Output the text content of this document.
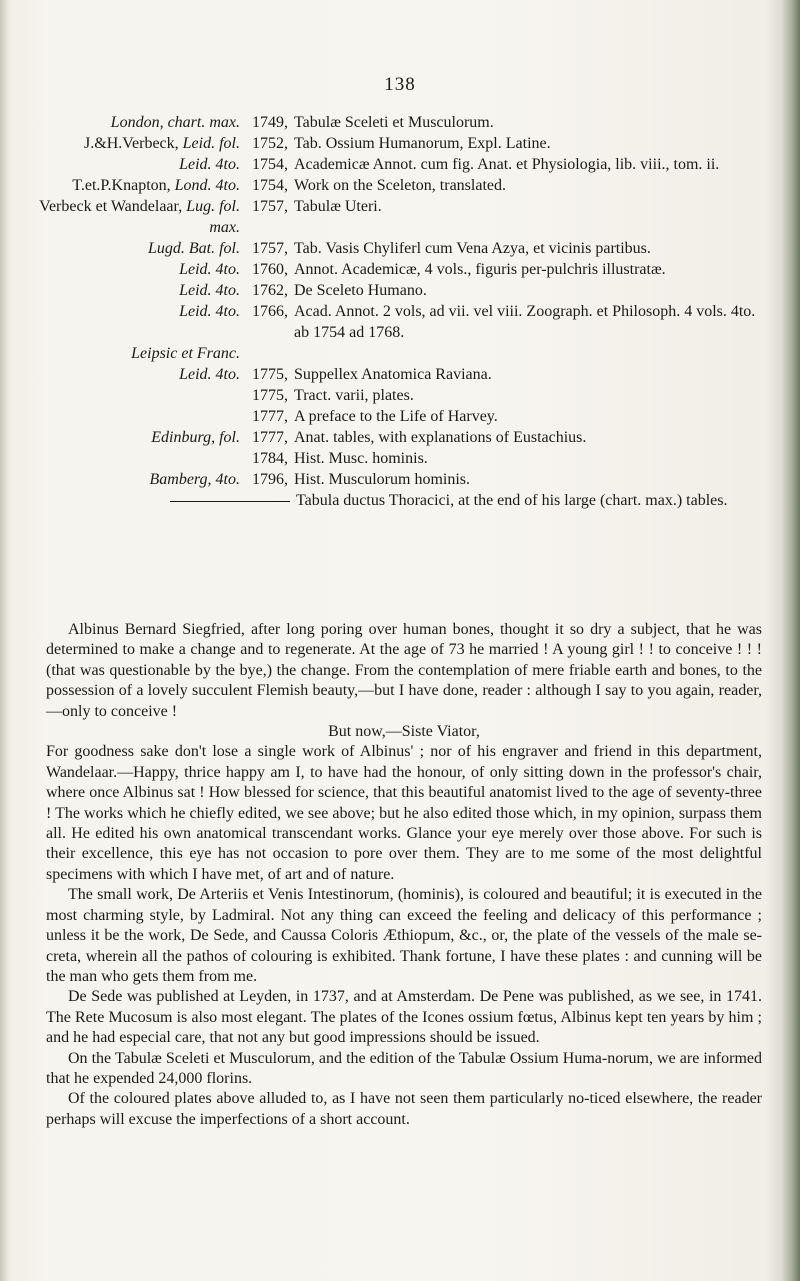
138
London, chart. max. 1749, Tabulæ Sceleti et Musculorum.
J.&H.Verbeck, Leid. fol. 1752, Tab. Ossium Humanorum, Expl. Latine.
Leid. 4to. 1754, Academicæ Annot. cum fig. Anat. et Physiologia, lib. viii., tom. ii.
T.et.P.Knapton, Lond. 4to. 1754, Work on the Sceleton, translated.
Verbeck et Wandelaar, Lug. fol. max.
1757, Tabulæ Uteri.
Lugd. Bat. fol. 1757, Tab. Vasis Chyliferl cum Vena Azya, et vicinis partibus.
Leid. 4to. 1760, Annot. Academicæ, 4 vols., figuris per-pulchris illustratæ.
Leid. 4to. 1762, De Sceleto Humano.
Leid. 4to. 1766, Acad. Annot. 2 vols, ad vii. vel viii. Zoograph. et Philosoph. 4 vols. 4to. ab 1754 ad 1768.
Leipsic et Franc.
Leid. 4to. 1775, Suppellex Anatomica Raviana.
1775, Tract. varii, plates.
1777, A preface to the Life of Harvey.
Edinburg, fol. 1777, Anat. tables, with explanations of Eustachius.
1784, Hist. Musc. hominis.
Bamberg, 4to. 1796, Hist. Musculorum hominis.
Tabula ductus Thoracici, at the end of his large (chart. max.) tables.

Albinus Bernard Siegfried, after long poring over human bones, thought it so dry a subject, that he was determined to make a change and to regenerate. At the age of 73 he married ! A young girl ! ! to conceive ! ! ! (that was questionable by the bye,) the change. From the contemplation of mere friable earth and bones, to the possession of a lovely succulent Flemish beauty,—but I have done, reader : although I say to you again, reader,—only to conceive !

But now,—Siste Viator,

For goodness sake don't lose a single work of Albinus' ; nor of his engraver and friend in this department, Wandelaar.—Happy, thrice happy am I, to have had the honour, of only sitting down in the professor's chair, where once Albinus sat ! How blessed for science, that this beautiful anatomist lived to the age of seventy-three ! The works which he chiefly edited, we see above; but he also edited those which, in my opinion, surpass them all. He edited his own anatomical transcendant works. Glance your eye merely over those above. For such is their excellence, this eye has not occasion to pore over them. They are to me some of the most delightful specimens with which I have met, of art and of nature.

The small work, De Arteriis et Venis Intestinorum, (hominis), is coloured and beautiful; it is executed in the most charming style, by Ladmiral. Not any thing can exceed the feeling and delicacy of this performance ; unless it be the work, De Sede, and Caussa Coloris Æthiopum, &c., or, the plate of the vessels of the male se-creta, wherein all the pathos of colouring is exhibited. Thank fortune, I have these plates : and cunning will be the man who gets them from me.

De Sede was published at Leyden, in 1737, and at Amsterdam. De Pene was published, as we see, in 1741. The Rete Mucosum is also most elegant. The plates of the Icones ossium fœtus, Albinus kept ten years by him ; and he had especial care, that not any but good impressions should be issued.

On the Tabulæ Sceleti et Musculorum, and the edition of the Tabulæ Ossium Huma-norum, we are informed that he expended 24,000 florins.

Of the coloured plates above alluded to, as I have not seen them particularly no-ticed elsewhere, the reader perhaps will excuse the imperfections of a short account.
